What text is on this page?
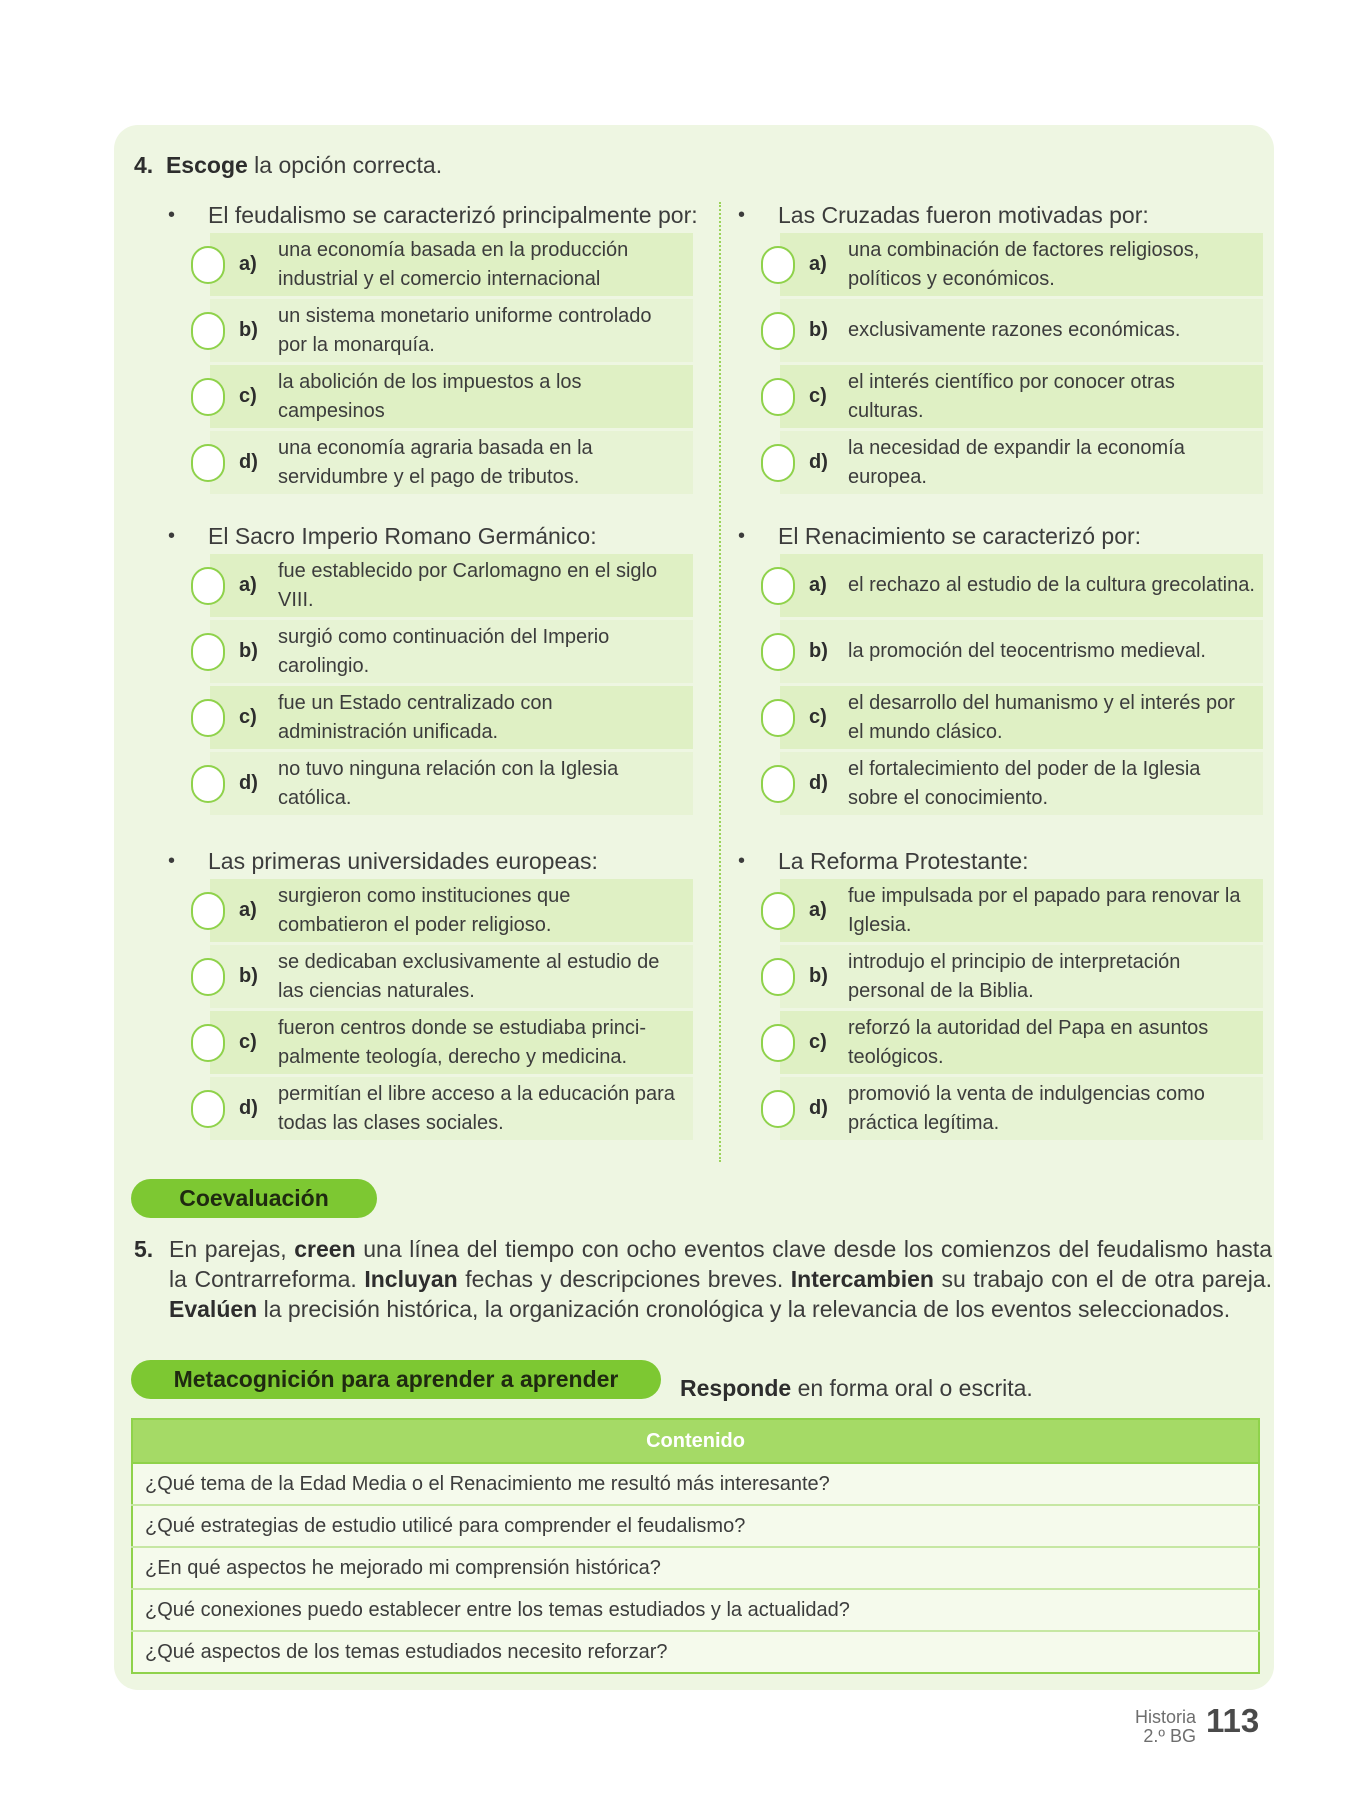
4. Escoge la opción correcta.
• El feudalismo se caracterizó principalmente por:
a)
una economía basada en la producción industrial y el comercio internacional
b)
un sistema monetario uniforme controlado por la monarquía.
c)
la abolición de los impuestos a los campesinos
d)
una economía agraria basada en la servidumbre y el pago de tributos.
• El Sacro Imperio Romano Germánico:
a)
fue establecido por Carlomagno en el siglo VIII.
b)
surgió como continuación del Imperio carolingio.
c)
fue un Estado centralizado con administración unificada.
d)
no tuvo ninguna relación con la Iglesia católica.
• Las primeras universidades europeas:
a)
surgieron como instituciones que combatieron el poder religioso.
b)
se dedicaban exclusivamente al estudio de las ciencias naturales.
c)
fueron centros donde se estudiaba princi-palmente teología, derecho y medicina.
d)
permitían el libre acceso a la educación para todas las clases sociales.
• Las Cruzadas fueron motivadas por:
a)
una combinación de factores religiosos, políticos y económicos.
b) exclusivamente razones económicas.
c)
el interés científico por conocer otras culturas.
d)
la necesidad de expandir la economía europea.
• El Renacimiento se caracterizó por:
a) el rechazo al estudio de la cultura grecolatina.
b) la promoción del teocentrismo medieval.
c)
el desarrollo del humanismo y el interés por el mundo clásico.
d)
el fortalecimiento del poder de la Iglesia sobre el conocimiento.
• La Reforma Protestante:
a)
fue impulsada por el papado para renovar la Iglesia.
b)
introdujo el principio de interpretación personal de la Biblia.
c)
reforzó la autoridad del Papa en asuntos teológicos.
d)
promovió la venta de indulgencias como práctica legítima.
Coevaluación
5. En parejas, creen una línea del tiempo con ocho eventos clave desde los comienzos del feudalismo hasta la Contrarreforma. Incluyan fechas y descripciones breves. Intercambien su trabajo con el de otra pareja. Evalúen la precisión histórica, la organización cronológica y la relevancia de los eventos seleccionados.
Metacognición para aprender a aprender	Responde en forma oral o escrita.
Contenido
¿Qué tema de la Edad Media o el Renacimiento me resultó más interesante?
¿Qué estrategias de estudio utilicé para comprender el feudalismo?
¿En qué aspectos he mejorado mi comprensión histórica?
¿Qué conexiones puedo establecer entre los temas estudiados y la actualidad?
¿Qué aspectos de los temas estudiados necesito reforzar?
Historia
2.º BG 113
